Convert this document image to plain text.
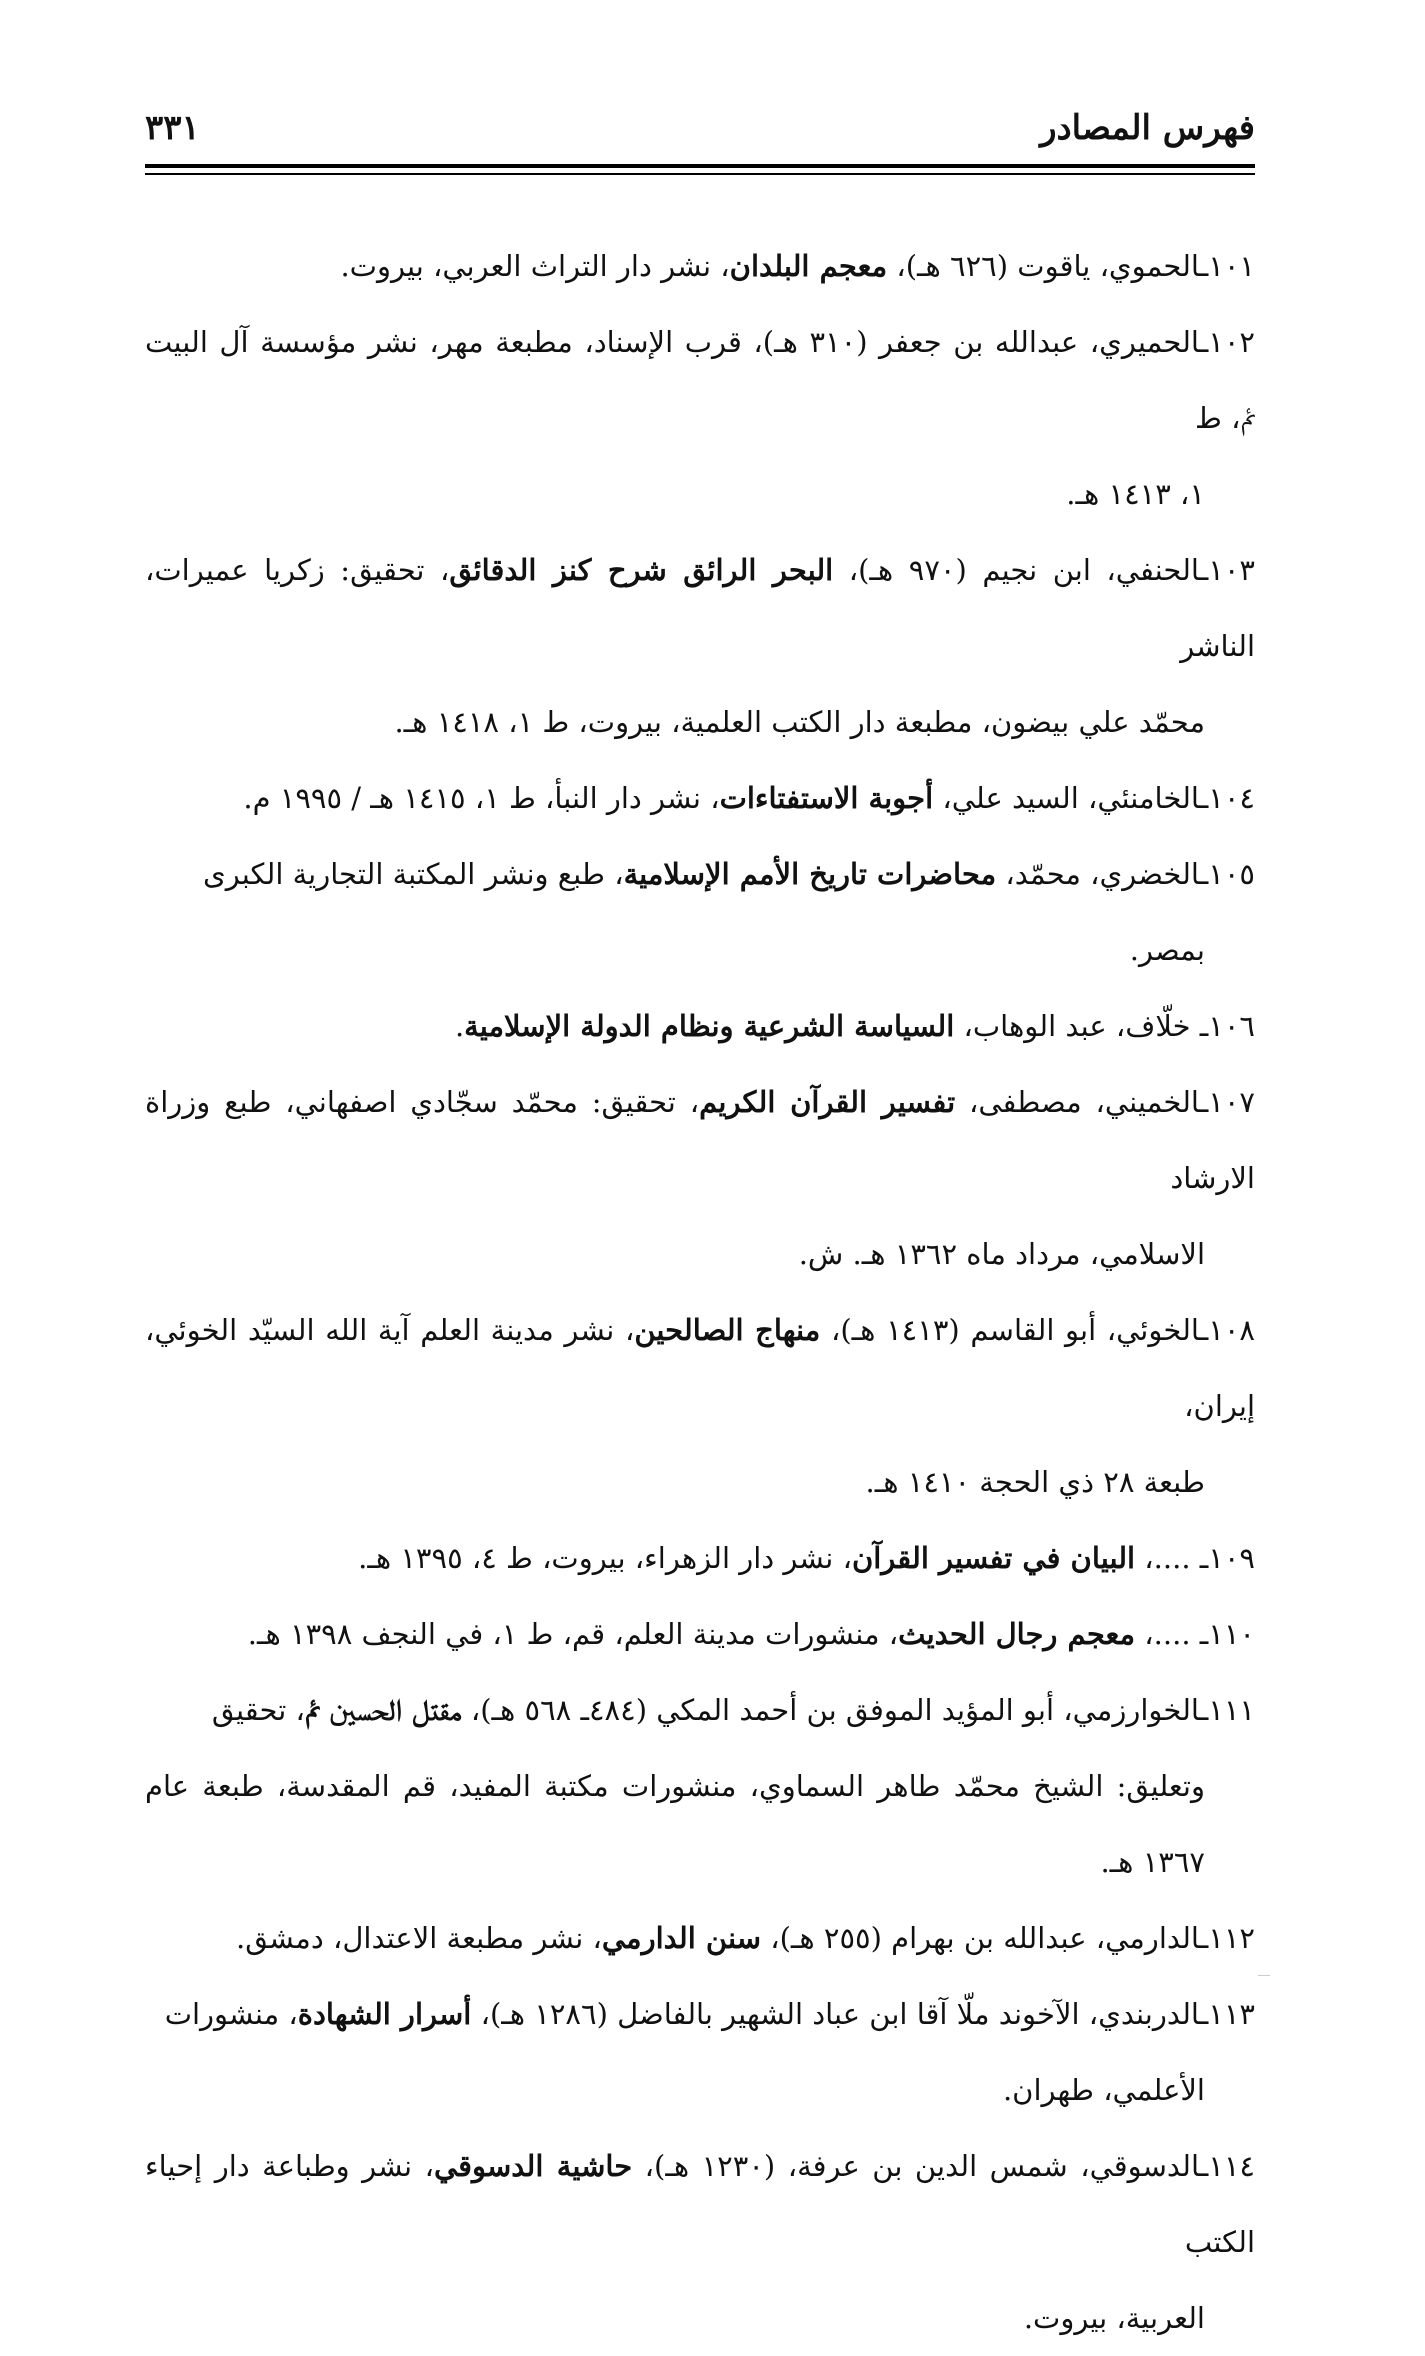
فهرس المصادر
٣٣١

١٠١ـالحموي، ياقوت (٦٢٦ هـ)، معجم البلدان، نشر دار التراث العربي، بيروت.

١٠٢ـالحميري، عبدالله بن جعفر (٣١٠ هـ)، قرب الإسناد، مطبعة مهر، نشر مؤسسة آل البيت ﰂ، ط
١، ١٤١٣ هـ.

١٠٣ـالحنفي، ابن نجيم (٩٧٠ هـ)، البحر الرائق شرح كنز الدقائق، تحقيق: زكريا عميرات، الناشر
محمّد علي بيضون، مطبعة دار الكتب العلمية، بيروت، ط ١، ١٤١٨ هـ.

١٠٤ـالخامنئي، السيد علي، أجوبة الاستفتاءات، نشر دار النبأ، ط ١، ١٤١٥ هـ / ١٩٩٥ م.

١٠٥ـالخضري، محمّد، محاضرات تاريخ الأمم الإسلامية، طبع ونشر المكتبة التجارية الكبرى
بمصر.

١٠٦ـ خلّاف، عبد الوهاب، السياسة الشرعية ونظام الدولة الإسلامية.

١٠٧ـالخميني، مصطفى، تفسير القرآن الكريم، تحقيق: محمّد سجّادي اصفهاني، طبع وزراة الارشاد
الاسلامي، مرداد ماه ١٣٦٢ هـ. ش.

١٠٨ـالخوئي، أبو القاسم (١٤١٣ هـ)، منهاج الصالحين، نشر مدينة العلم آية الله السيّد الخوئي، إيران،
طبعة ٢٨ ذي الحجة ١٤١٠ هـ.

١٠٩ـ ....، البيان في تفسير القرآن، نشر دار الزهراء، بيروت، ط ٤، ١٣٩٥ هـ.

١١٠ـ ....، معجم رجال الحديث، منشورات مدينة العلم، قم، ط ١، في النجف ١٣٩٨ هـ.

١١١ـالخوارزمي، أبو المؤيد الموفق بن أحمد المكي (٤٨٤ـ ٥٦٨ هـ)، مقتل الحسين ﰂ، تحقيق
وتعليق: الشيخ محمّد طاهر السماوي، منشورات مكتبة المفيد، قم المقدسة، طبعة عام ١٣٦٧ هـ.

١١٢ـالدارمي، عبدالله بن بهرام (٢٥٥ هـ)، سنن الدارمي، نشر مطبعة الاعتدال، دمشق.

١١٣ـالدربندي، الآخوند ملّا آقا ابن عباد الشهير بالفاضل (١٢٨٦ هـ)، أسرار الشهادة، منشورات
الأعلمي، طهران.

١١٤ـالدسوقي، شمس الدين بن عرفة، (١٢٣٠ هـ)، حاشية الدسوقي، نشر وطباعة دار إحياء الكتب
العربية، بيروت.
